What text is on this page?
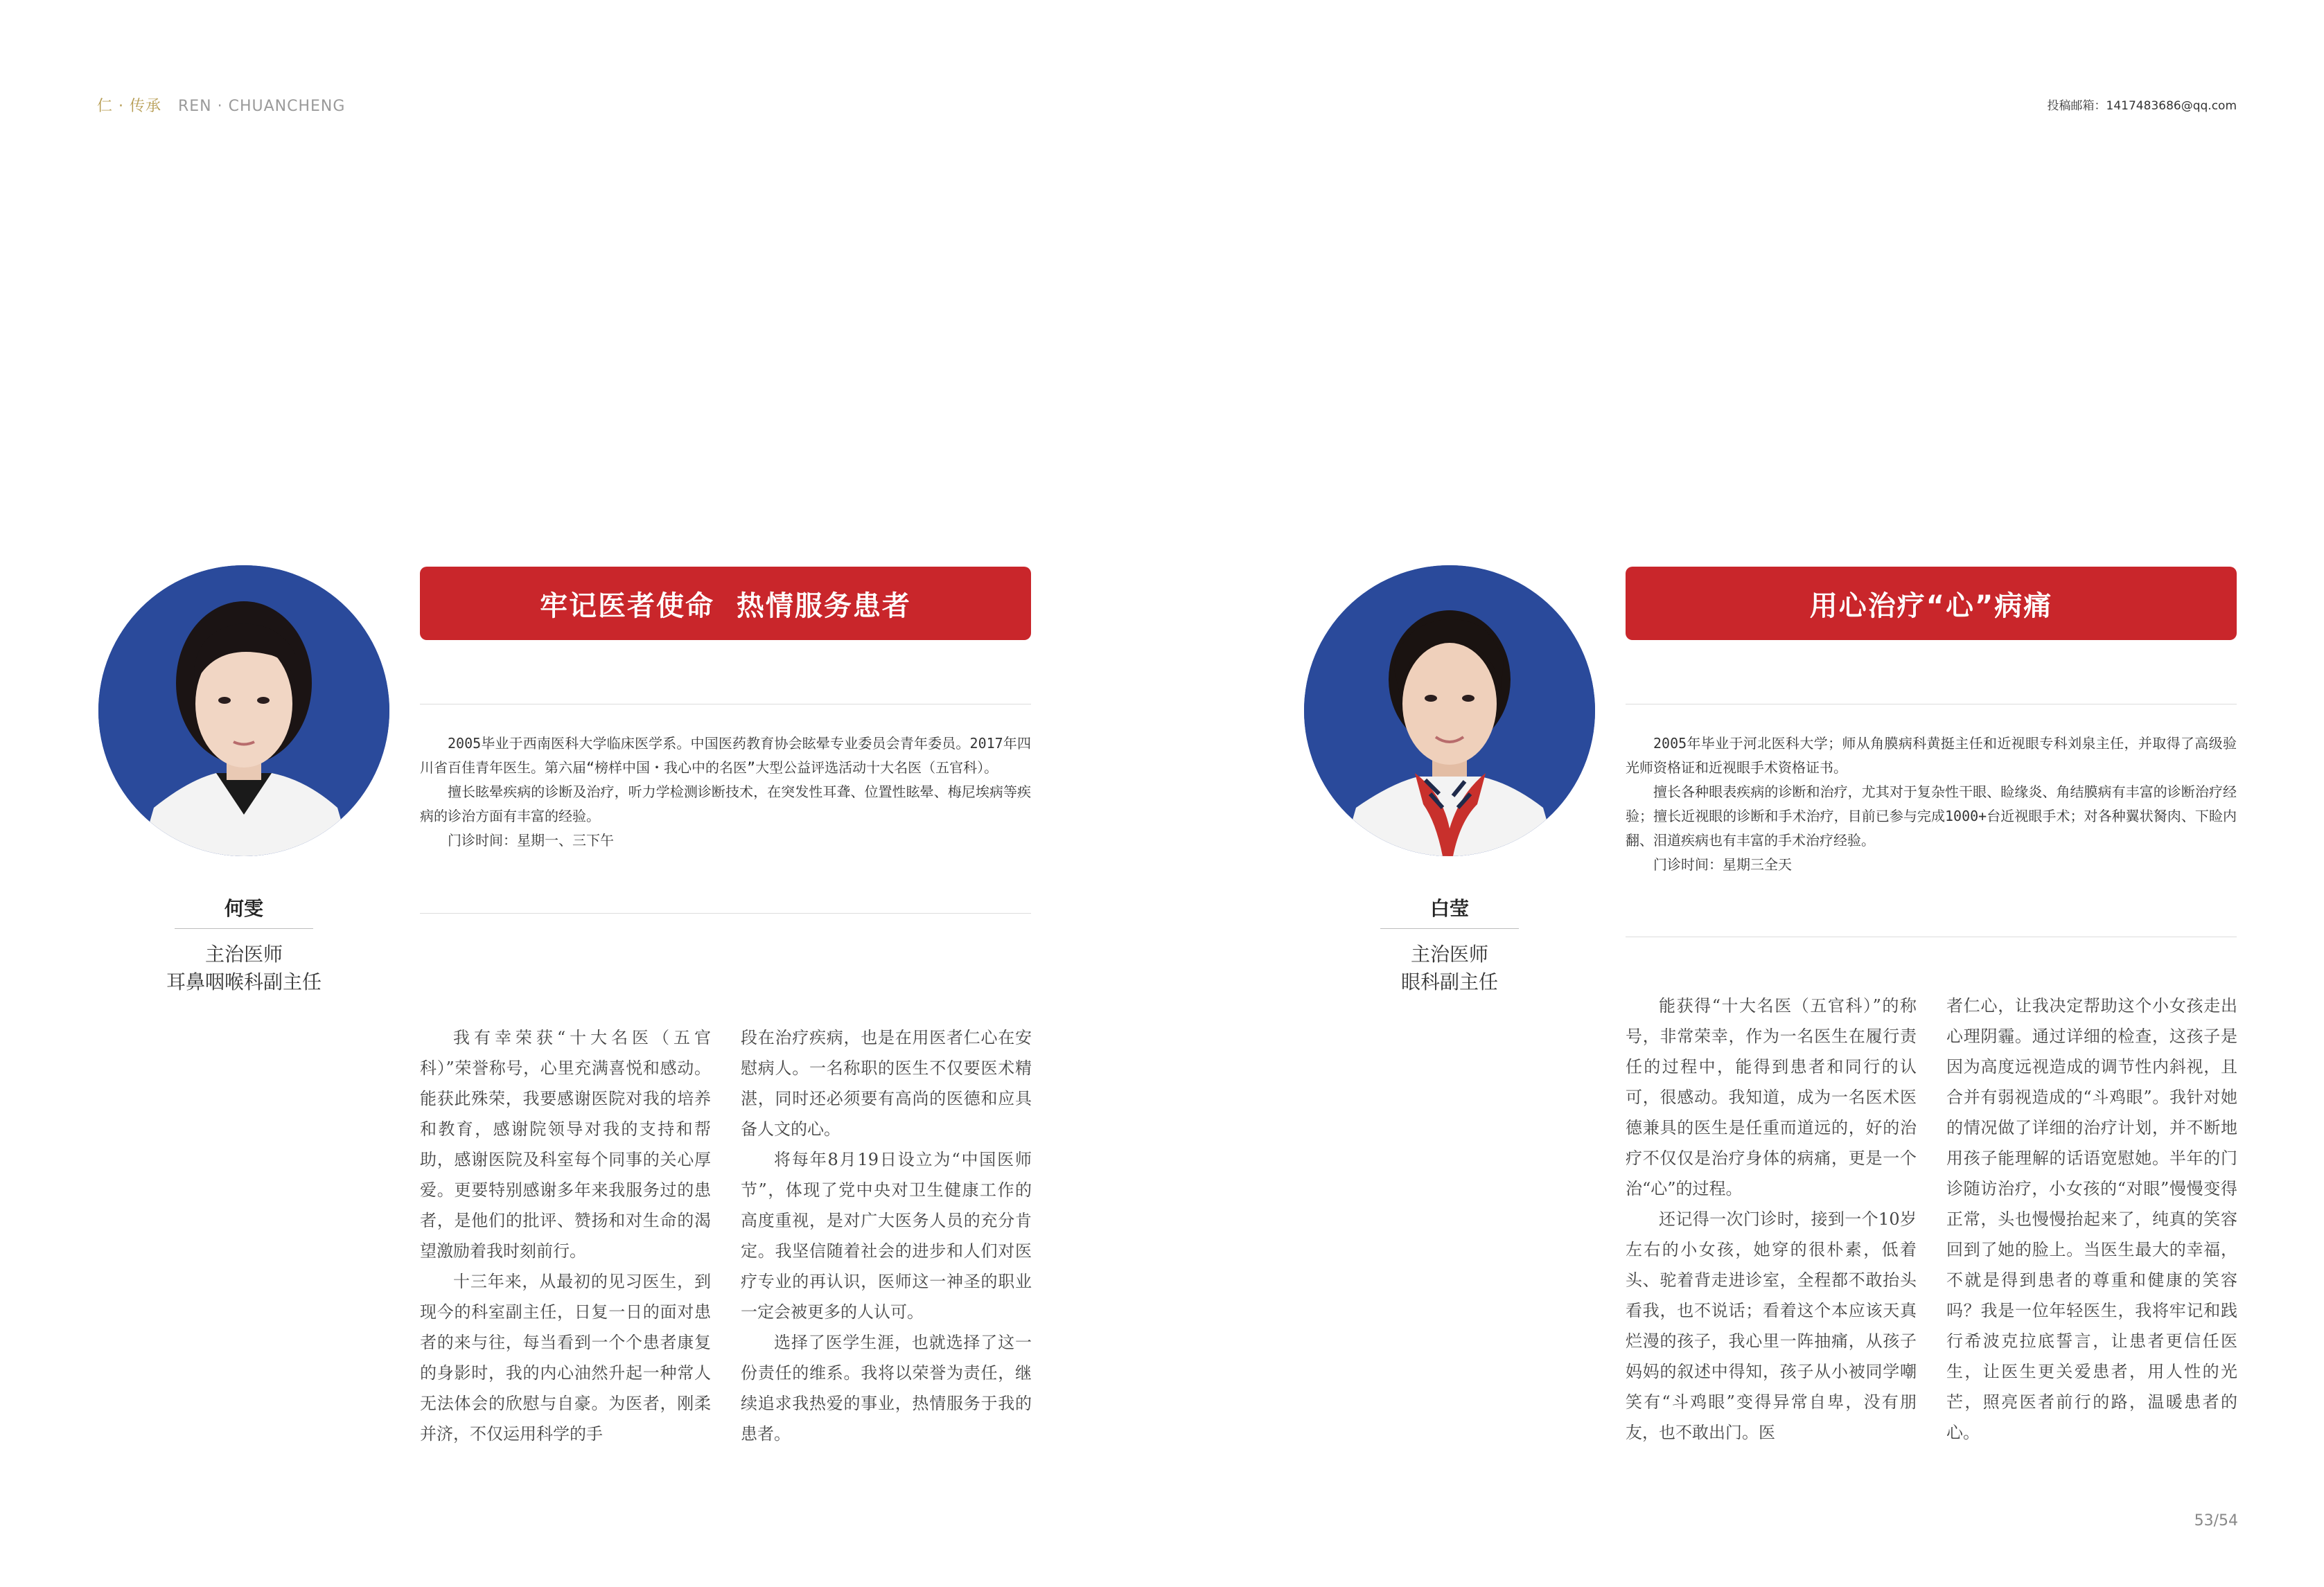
仁 · 传承 REN · CHUANCHENG	投稿邮箱：1417483686@qq.com
何雯
主治医师
耳鼻咽喉科副主任
牢记医者使命  热情服务患者

2005毕业于西南医科大学临床医学系。中国医药教育协会眩晕专业委员会青年委员。2017年四川省百佳青年医生。第六届“榜样中国・我心中的名医”大型公益评选活动十大名医（五官科）。

擅长眩晕疾病的诊断及治疗，听力学检测诊断技术，在突发性耳聋、位置性眩晕、梅尼埃病等疾病的诊治方面有丰富的经验。

门诊时间：星期一、三下午

我有幸荣获“十大名医（五官科）”荣誉称号，心里充满喜悦和感动。能获此殊荣，我要感谢医院对我的培养和教育，感谢院领导对我的支持和帮助，感谢医院及科室每个同事的关心厚爱。更要特别感谢多年来我服务过的患者，是他们的批评、赞扬和对生命的渴望激励着我时刻前行。

十三年来，从最初的见习医生，到现今的科室副主任，日复一日的面对患者的来与往，每当看到一个个患者康复的身影时，我的内心油然升起一种常人无法体会的欣慰与自豪。为医者，刚柔并济，不仅运用科学的手

段在治疗疾病，也是在用医者仁心在安慰病人。一名称职的医生不仅要医术精湛，同时还必须要有高尚的医德和应具备人文的心。

将每年8月19日设立为“中国医师节”，体现了党中央对卫生健康工作的高度重视，是对广大医务人员的充分肯定。我坚信随着社会的进步和人们对医疗专业的再认识，医师这一神圣的职业一定会被更多的人认可。

选择了医学生涯，也就选择了这一份责任的维系。我将以荣誉为责任，继续追求我热爱的事业，热情服务于我的患者。

白莹
主治医师
眼科副主任
用心治疗“心”病痛

2005年毕业于河北医科大学；师从角膜病科黄挺主任和近视眼专科刘泉主任，并取得了高级验光师资格证和近视眼手术资格证书。

擅长各种眼表疾病的诊断和治疗，尤其对于复杂性干眼、睑缘炎、角结膜病有丰富的诊断治疗经验；擅长近视眼的诊断和手术治疗，目前已参与完成1000+台近视眼手术；对各种翼状胬肉、下睑内翻、泪道疾病也有丰富的手术治疗经验。

门诊时间：星期三全天

能获得“十大名医（五官科）”的称号，非常荣幸，作为一名医生在履行责任的过程中，能得到患者和同行的认可，很感动。我知道，成为一名医术医德兼具的医生是任重而道远的，好的治疗不仅仅是治疗身体的病痛，更是一个治“心”的过程。

还记得一次门诊时，接到一个10岁左右的小女孩，她穿的很朴素，低着头、驼着背走进诊室，全程都不敢抬头看我，也不说话；看着这个本应该天真烂漫的孩子，我心里一阵抽痛，从孩子妈妈的叙述中得知，孩子从小被同学嘲笑有“斗鸡眼”变得异常自卑，没有朋友，也不敢出门。医

者仁心，让我决定帮助这个小女孩走出心理阴霾。通过详细的检查，这孩子是因为高度远视造成的调节性内斜视，且合并有弱视造成的“斗鸡眼”。我针对她的情况做了详细的治疗计划，并不断地用孩子能理解的话语宽慰她。半年的门诊随访治疗，小女孩的“对眼”慢慢变得正常，头也慢慢抬起来了，纯真的笑容回到了她的脸上。当医生最大的幸福，不就是得到患者的尊重和健康的笑容吗？我是一位年轻医生，我将牢记和践行希波克拉底誓言，让患者更信任医生，让医生更关爱患者，用人性的光芒，照亮医者前行的路，温暖患者的心。

53/54
